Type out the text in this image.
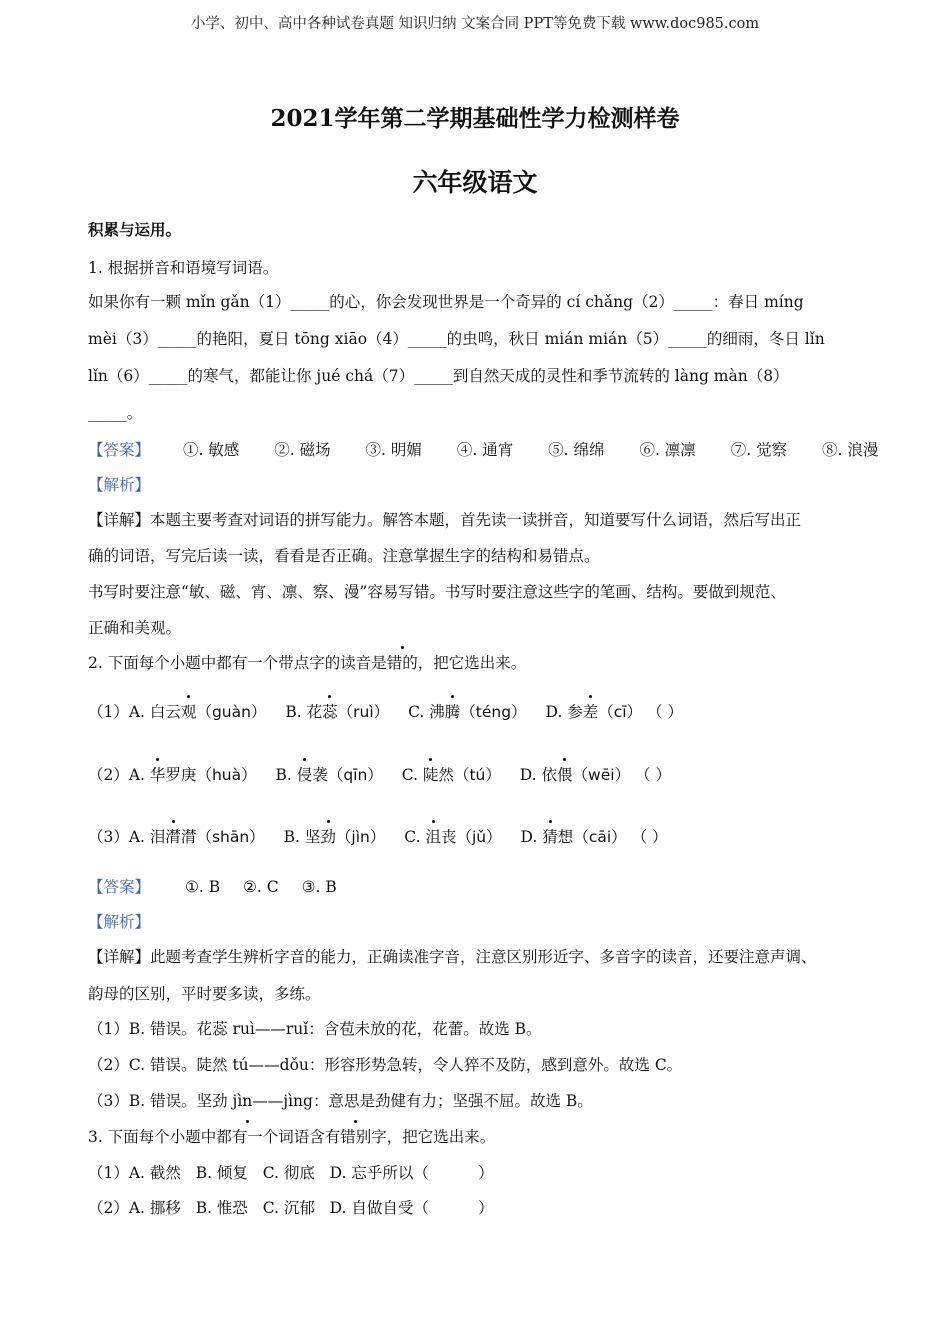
小学、初中、高中各种试卷真题 知识归纳 文案合同 PPT等免费下载 www.doc985.com
2021学年第二学期基础性学力检测样卷
六年级语文
积累与运用。
1. 根据拼音和语境写词语。
如果你有一颗 mǐn gǎn（1）_____的心，你会发现世界是一个奇异的 cí chǎng（2）_____：春日 míng
mèi（3）_____的艳阳，夏日 tōng xiāo（4）_____的虫鸣，秋日 mián mián（5）_____的细雨，冬日 lǐn
lǐn（6）_____的寒气，都能让你 jué chá（7）_____到自然天成的灵性和季节流转的 làng màn（8）
_____。
【答案】 ①. 敏感 ②. 磁场 ③. 明媚 ④. 通宵 ⑤. 绵绵 ⑥. 凛凛 ⑦. 觉察 ⑧. 浪漫
【解析】
【详解】本题主要考查对词语的拼写能力。解答本题，首先读一读拼音，知道要写什么词语，然后写出正
确的词语，写完后读一读，看看是否正确。注意掌握生字的结构和易错点。
书写时要注意“敏、磁、宵、凛、察、漫”容易写错。书写时要注意这些字的笔画、结构。要做到规范、
正确和美观。
2. 下面每个小题中都有一个带点字的读音是错的，把它选出来。
（1）A. 白云观（guàn） B. 花蕊（ruì） C. 沸腾（téng） D. 参差（cī） （ ）
（2）A. 华罗庚（huà） B. 侵袭（qīn） C. 陡然（tú） D. 依偎（wēi） （ ）
（3）A. 泪潸潸（shān） B. 坚劲（jìn） C. 沮丧（jǔ） D. 猜想（cāi） （ ）
【答案】 ①. B ②. C ③. B
【解析】
【详解】此题考查学生辨析字音的能力，正确读准字音，注意区别形近字、多音字的读音，还要注意声调、
韵母的区别，平时要多读，多练。
（1）B. 错误。花蕊 ruì——ruǐ：含苞未放的花，花蕾。故选 B。
（2）C. 错误。陡然 tú——dǒu：形容形势急转，令人猝不及防，感到意外。故选 C。
（3）B. 错误。坚劲 jìn——jìng：意思是劲健有力；坚强不屈。故选 B。
3. 下面每个小题中都有一个词语含有错别字，把它选出来。
（1）A. 截然   B. 倾复   C. 彻底   D. 忘乎所以（          ）
（2）A. 挪移   B. 惟恐   C. 沉郁   D. 自做自受（          ）
